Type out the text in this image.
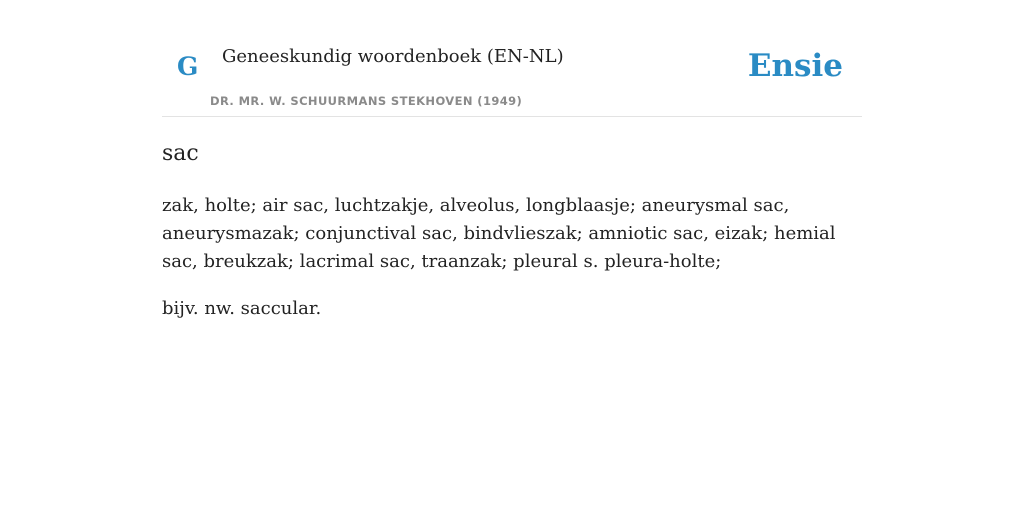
G Geneeskundig woordenboek (EN-NL)
DR. MR. W. SCHUURMANS STEKHOVEN (1949)
Ensie
sac

zak, holte; air sac, luchtzakje, alveolus, longblaasje; aneurysmal sac, aneurysmazak; conjunctival sac, bindvlieszak; amniotic sac, eizak; hemial sac, breukzak; lacrimal sac, traanzak; pleural s. pleura-holte;

bijv. nw. saccular.
